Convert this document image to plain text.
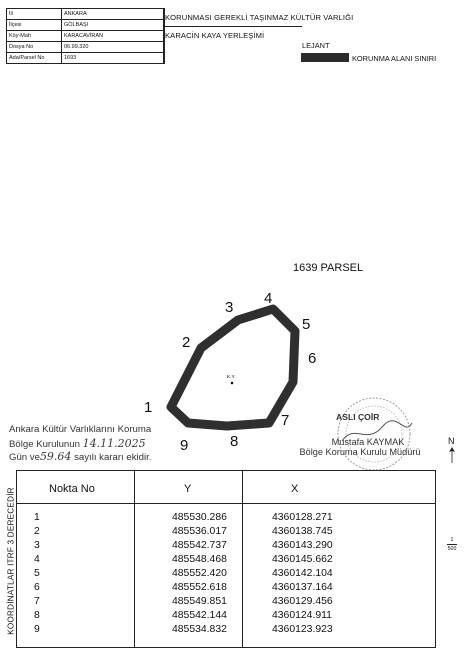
İli	ANKARA
İlçesi	GÖLBAŞI
Köy-Mah	KARACAVİRAN
Dosya No	06.99.320
Ada/Parsel No	1693
KORUNMASI GEREKLİ TAŞINMAZ KÜLTÜR VARLIĞI
KARACİN KAYA YERLEŞİMİ
LEJANT
KORUNMA ALANI SINIRI
1639 PARSEL
K.Y.
1
2
3
4
5
6
7
8
9
Ankara Kültür Varlıklarını Koruma
Bölge Kurulunun 14.11.2025
Gün ve59.64 sayılı kararı ekidir.
ASLI ÇOİR
Mustafa KAYMAK
Bölge Koruma Kurulu Müdürü
N
1
500
KOORDİNATLAR ITRF 3 DERECEDİR	Nokta No	Y	X
1	485530.286	4360128.271
2	485536.017	4360138.745
3	485542.737	4360143.290
4	485548.468	4360145.662
5	485552.420	4360142.104
6	485552.618	4360137.164
7	485549.851	4360129.456
8	485542.144	4360124.911
9	485534.832	4360123.923
